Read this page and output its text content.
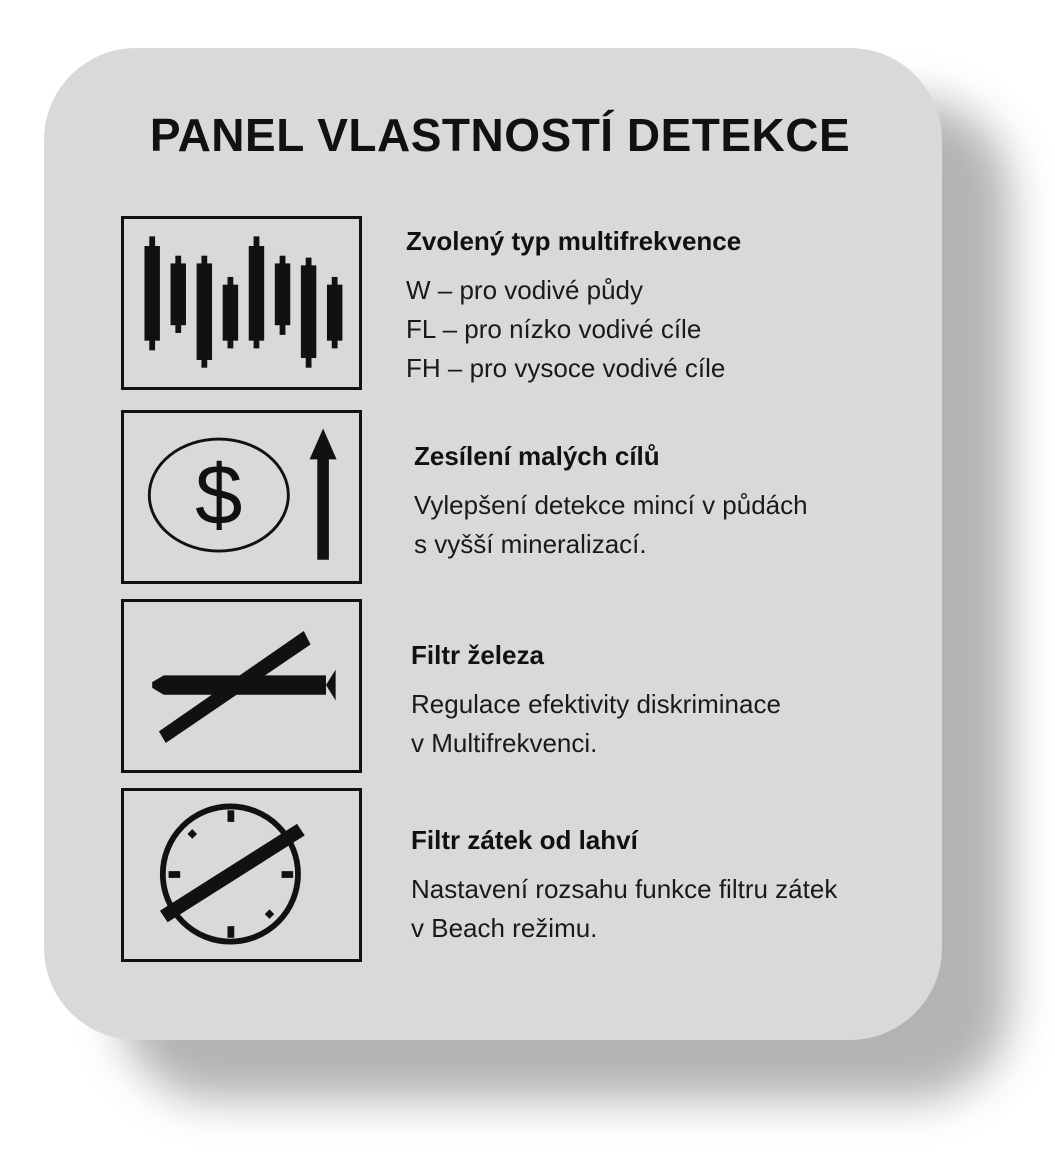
PANEL VLASTNOSTÍ DETEKCE
Zvolený typ multifrekvence
W – pro vodivé půdy
FL – pro nízko vodivé cíle
FH – pro vysoce vodivé cíle
$	Zesílení malých cílů
Vylepšení detekce mincí v půdách
s vyšší mineralizací.
Filtr železa
Regulace efektivity diskriminace
v Multifrekvenci.
Filtr zátek od lahví
Nastavení rozsahu funkce filtru zátek
v Beach režimu.
